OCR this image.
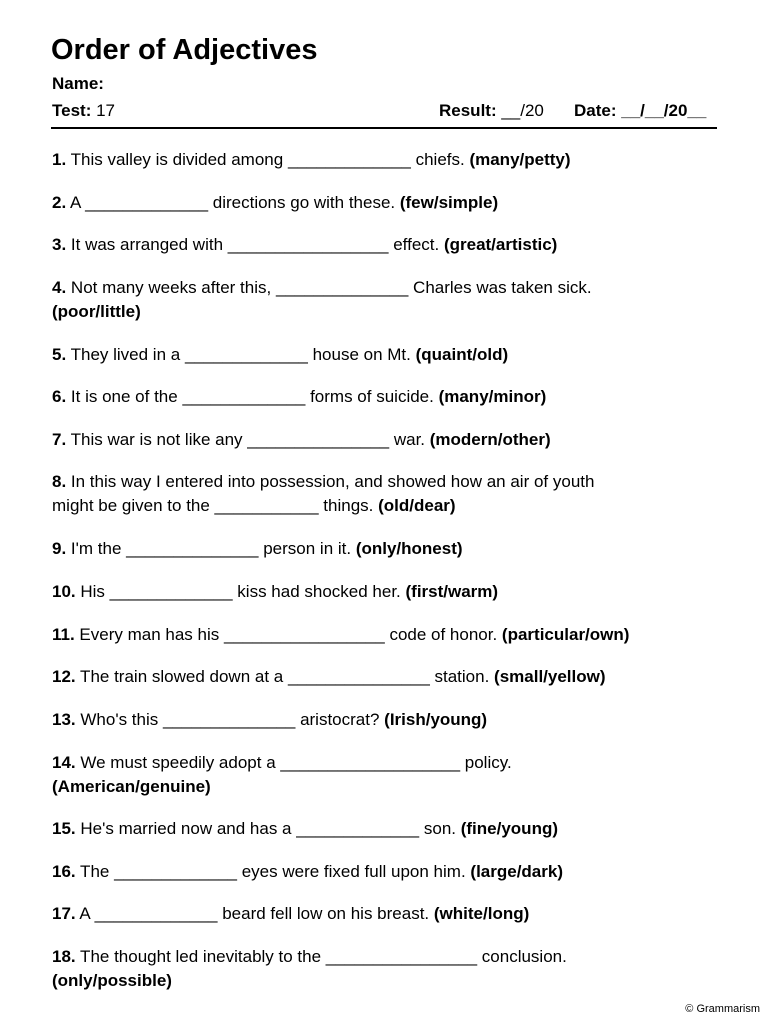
Order of Adjectives
Name:
Test: 17	Result: __/20 Date: __/__/20__

1. This valley is divided among _____________ chiefs. (many/petty)

2. A _____________ directions go with these. (few/simple)

3. It was arranged with _________________ effect. (great/artistic)

4. Not many weeks after this, ______________ Charles was taken sick.
(poor/little)

5. They lived in a _____________ house on Mt. (quaint/old)

6. It is one of the _____________ forms of suicide. (many/minor)

7. This war is not like any _______________ war. (modern/other)

8. In this way I entered into possession, and showed how an air of youth
might be given to the ___________ things. (old/dear)

9. I'm the ______________ person in it. (only/honest)

10. His _____________ kiss had shocked her. (first/warm)

11. Every man has his _________________ code of honor. (particular/own)

12. The train slowed down at a _______________ station. (small/yellow)

13. Who's this ______________ aristocrat? (Irish/young)

14. We must speedily adopt a ___________________ policy.
(American/genuine)

15. He's married now and has a _____________ son. (fine/young)

16. The _____________ eyes were fixed full upon him. (large/dark)

17. A _____________ beard fell low on his breast. (white/long)

18. The thought led inevitably to the ________________ conclusion.
(only/possible)

© Grammarism
